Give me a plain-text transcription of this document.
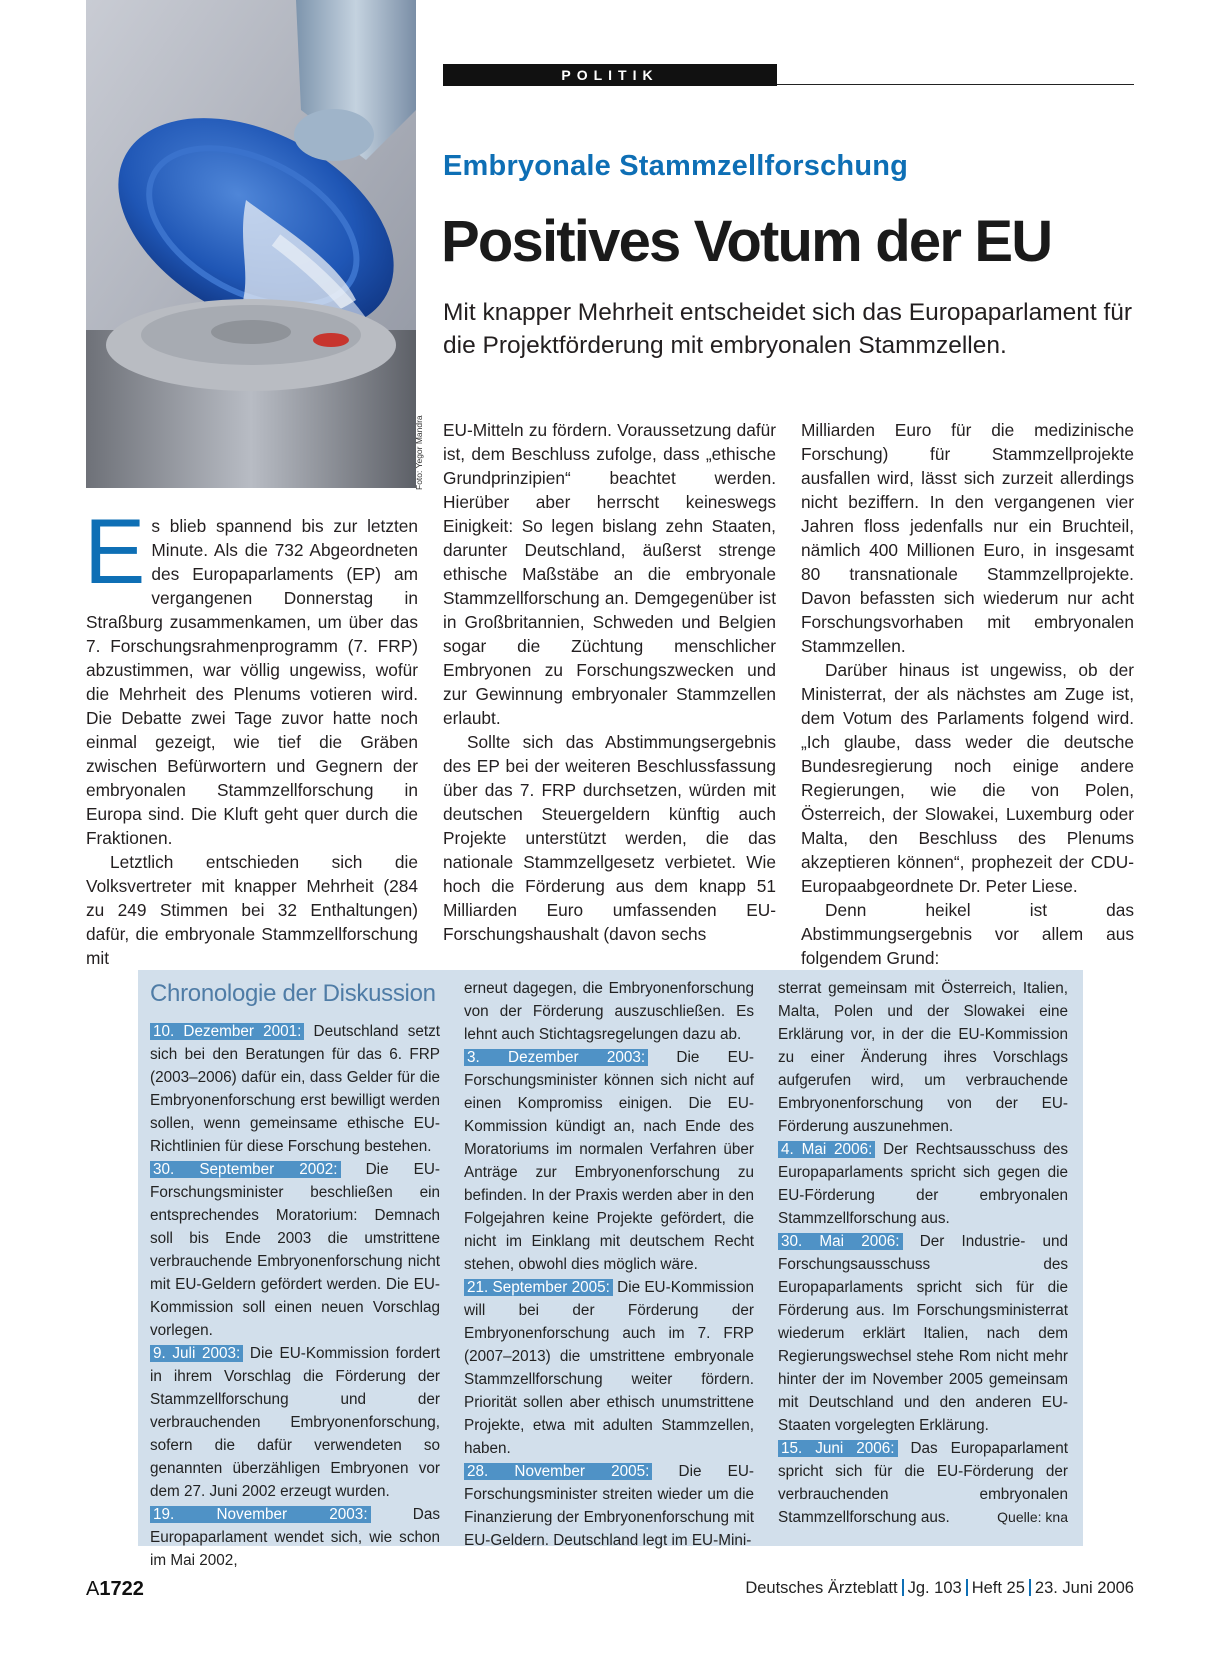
Foto: Yegor Mandra
POLITIK
Embryonale Stammzellforschung
Positives Votum der EU
Mit knapper Mehrheit entscheidet sich das Europaparlament für die Projektförderung mit embryonalen Stammzellen.

Es blieb spannend bis zur letzten Minute. Als die 732 Abgeordneten des Europaparlaments (EP) am vergangenen Donnerstag in Straßburg zusammenkamen, um über das 7. Forschungsrahmenprogramm (7. FRP) abzustimmen, war völlig ungewiss, wofür die Mehrheit des Plenums votieren wird. Die Debatte zwei Tage zuvor hatte noch einmal gezeigt, wie tief die Gräben zwischen Befürwortern und Gegnern der embryonalen Stammzellforschung in Europa sind. Die Kluft geht quer durch die Fraktionen.

Letztlich entschieden sich die Volksvertreter mit knapper Mehrheit (284 zu 249 Stimmen bei 32 Enthaltungen) dafür, die embryonale Stammzellforschung mit

EU-Mitteln zu fördern. Voraussetzung dafür ist, dem Beschluss zufolge, dass „ethische Grundprinzipien“ beachtet werden. Hierüber aber herrscht keineswegs Einigkeit: So legen bislang zehn Staaten, darunter Deutschland, äußerst strenge ethische Maßstäbe an die embryonale Stammzellforschung an. Demgegenüber ist in Großbritannien, Schweden und Belgien sogar die Züchtung menschlicher Embryonen zu Forschungszwecken und zur Gewinnung embryonaler Stammzellen erlaubt.

Sollte sich das Abstimmungsergebnis des EP bei der weiteren Beschlussfassung über das 7. FRP durchsetzen, würden mit deutschen Steuergeldern künftig auch Projekte unterstützt werden, die das nationale Stammzellgesetz verbietet. Wie hoch die Förderung aus dem knapp 51 Milliarden Euro umfassenden EU-Forschungshaushalt (davon sechs

Milliarden Euro für die medizinische Forschung) für Stammzellprojekte ausfallen wird, lässt sich zurzeit allerdings nicht beziffern. In den vergangenen vier Jahren floss jedenfalls nur ein Bruchteil, nämlich 400 Millionen Euro, in insgesamt 80 transnationale Stammzellprojekte. Davon befassten sich wiederum nur acht Forschungsvorhaben mit embryonalen Stammzellen.

Darüber hinaus ist ungewiss, ob der Ministerrat, der als nächstes am Zuge ist, dem Votum des Parlaments folgend wird. „Ich glaube, dass weder die deutsche Bundesregierung noch einige andere Regierungen, wie die von Polen, Österreich, der Slowakei, Luxemburg oder Malta, den Beschluss des Plenums akzeptieren können“, prophezeit der CDU-Europaabgeordnete Dr. Peter Liese.

Denn heikel ist das Abstimmungsergebnis vor allem aus folgendem Grund:

Chronologie der Diskussion

10. Dezember 2001: Deutschland setzt sich bei den Beratungen für das 6. FRP (2003–2006) dafür ein, dass Gelder für die Embryonenforschung erst bewilligt werden sollen, wenn gemeinsame ethische EU-Richtlinien für diese Forschung bestehen.

30. September 2002: Die EU-Forschungsminister beschließen ein entsprechendes Moratorium: Demnach soll bis Ende 2003 die umstrittene verbrauchende Embryonenforschung nicht mit EU-Geldern gefördert werden. Die EU-Kommission soll einen neuen Vorschlag vorlegen.

9. Juli 2003: Die EU-Kommission fordert in ihrem Vorschlag die Förderung der Stammzellforschung und der verbrauchenden Embryonenforschung, sofern die dafür verwendeten so genannten überzähligen Embryonen vor dem 27. Juni 2002 erzeugt wurden.

19. November 2003: Das Europaparlament wendet sich, wie schon im Mai 2002,

erneut dagegen, die Embryonenforschung von der Förderung auszuschließen. Es lehnt auch Stichtagsregelungen dazu ab.

3. Dezember 2003: Die EU-Forschungsminister können sich nicht auf einen Kompromiss einigen. Die EU-Kommission kündigt an, nach Ende des Moratoriums im normalen Verfahren über Anträge zur Embryonenforschung zu befinden. In der Praxis werden aber in den Folgejahren keine Projekte gefördert, die nicht im Einklang mit deutschem Recht stehen, obwohl dies möglich wäre.

21. September 2005: Die EU-Kommission will bei der Förderung der Embryonenforschung auch im 7. FRP (2007–2013) die umstrittene embryonale Stammzellforschung weiter fördern. Priorität sollen aber ethisch unumstrittene Projekte, etwa mit adulten Stammzellen, haben.

28. November 2005: Die EU-Forschungsminister streiten wieder um die Finanzierung der Embryonenforschung mit EU-Geldern. Deutschland legt im EU-Mini-

sterrat gemeinsam mit Österreich, Italien, Malta, Polen und der Slowakei eine Erklärung vor, in der die EU-Kommission zu einer Änderung ihres Vorschlags aufgerufen wird, um verbrauchende Embryonenforschung von der EU-Förderung auszunehmen.

4. Mai 2006: Der Rechtsausschuss des Europaparlaments spricht sich gegen die EU-Förderung der embryonalen Stammzellforschung aus.

30. Mai 2006: Der Industrie- und Forschungsausschuss des Europaparlaments spricht sich für die Förderung aus. Im Forschungsministerrat wiederum erklärt Italien, nach dem Regierungswechsel stehe Rom nicht mehr hinter der im November 2005 gemeinsam mit Deutschland und den anderen EU-Staaten vorgelegten Erklärung.

15. Juni 2006: Das Europaparlament spricht sich für die EU-Förderung der verbrauchenden embryonalen Stammzellforschung aus.	Quelle: kna

A1722	Deutsches Ärzteblatt Jg. 103 Heft 25 23. Juni 2006
